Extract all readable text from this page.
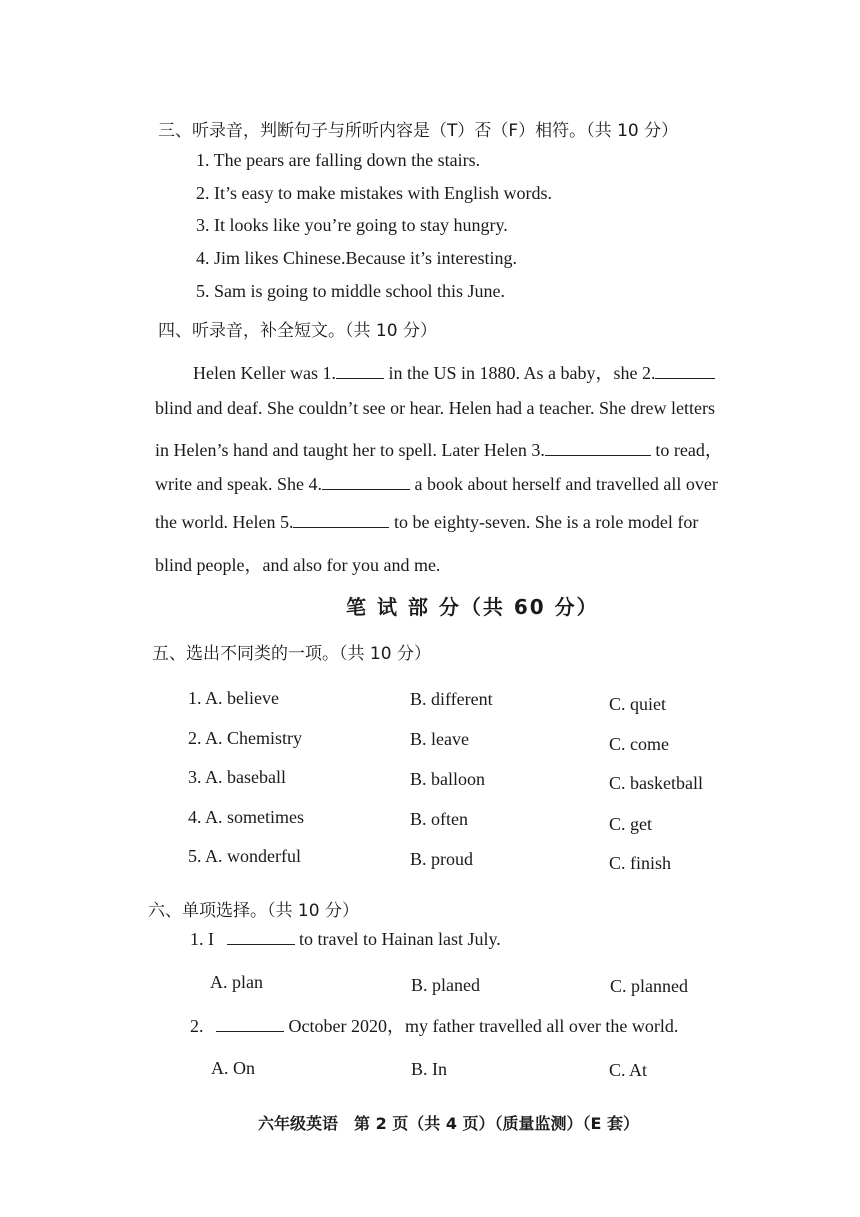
三、听录音，判断句子与所听内容是（T）否（F）相符。（共 10 分）
1. The pears are falling down the stairs.
2. It’s easy to make mistakes with English words.
3. It looks like you’re going to stay hungry.
4. Jim likes Chinese.Because it’s interesting.
5. Sam is going to middle school this June.
四、听录音，补全短文。（共 10 分）
Helen Keller was 1.	in the US in 1880. As a baby，she 2.
blind and deaf. She couldn’t see or hear. Helen had a teacher. She drew letters
in Helen’s hand and taught her to spell. Later Helen 3.	to read，
write and speak. She 4.	a book about herself and travelled all over
the world. Helen 5.	to be eighty-seven. She is a role model for
blind people，and also for you and me.
笔 试 部 分（共 60 分）
五、选出不同类的一项。（共 10 分）
1. A. believe	B. different	C. quiet
2. A. Chemistry	B. leave	C. come
3. A. baseball	B. balloon	C. basketball
4. A. sometimes	B. often	C. get
5. A. wonderful	B. proud	C. finish
六、单项选择。（共 10 分）
1. I	to travel to Hainan last July.
A. plan	B. planed	C. planned
2.	October 2020，my father travelled all over the world.
A. On	B. In	C. At
六年级英语　第 2 页（共 4 页）（质量监测）（E 套）
